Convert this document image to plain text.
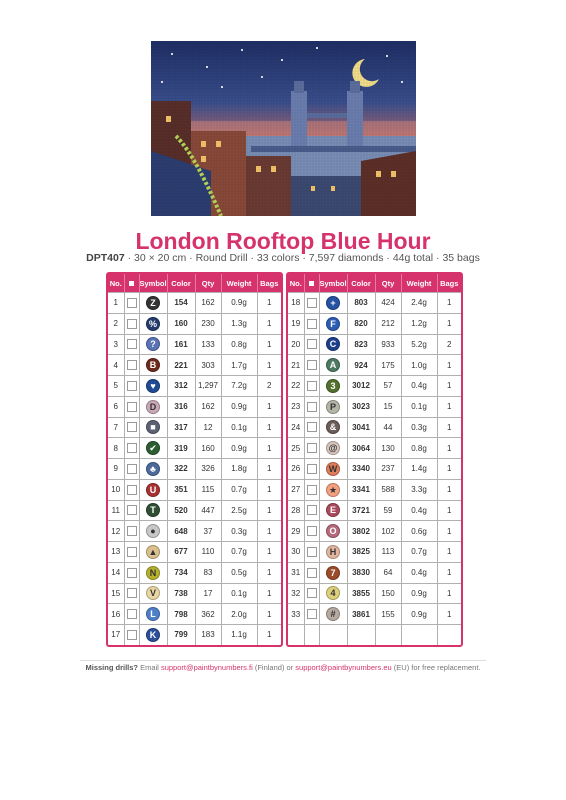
London Rooftop Blue Hour
DPT407 · 30 × 20 cm · Round Drill · 33 colors · 7,597 diamonds · 44g total · 35 bags
No.		Symbol	Color	Qty	Weight	Bags
1		Z	154	162	0.9g	1
2		%	160	230	1.3g	1
3		?	161	133	0.8g	1
4		B	221	303	1.7g	1
5		♥	312	1,297	7.2g	2
6		D	316	162	0.9g	1
7		■	317	12	0.1g	1
8		✔	319	160	0.9g	1
9		♣	322	326	1.8g	1
10		U	351	115	0.7g	1
11		T	520	447	2.5g	1
12		●	648	37	0.3g	1
13		▲	677	110	0.7g	1
14		N	734	83	0.5g	1
15		V	738	17	0.1g	1
16		L	798	362	2.0g	1
17		K	799	183	1.1g	1
No.		Symbol	Color	Qty	Weight	Bags
18		+	803	424	2.4g	1
19		F	820	212	1.2g	1
20		C	823	933	5.2g	2
21		A	924	175	1.0g	1
22		3	3012	57	0.4g	1
23		P	3023	15	0.1g	1
24		&	3041	44	0.3g	1
25		@	3064	130	0.8g	1
26		W	3340	237	1.4g	1
27		★	3341	588	3.3g	1
28		E	3721	59	0.4g	1
29		O	3802	102	0.6g	1
30		H	3825	113	0.7g	1
31		7	3830	64	0.4g	1
32		4	3855	150	0.9g	1
33		#	3861	155	0.9g	1

Missing drills? Email support@paintbynumbers.fi (Finland) or support@paintbynumbers.eu (EU) for free replacement.
